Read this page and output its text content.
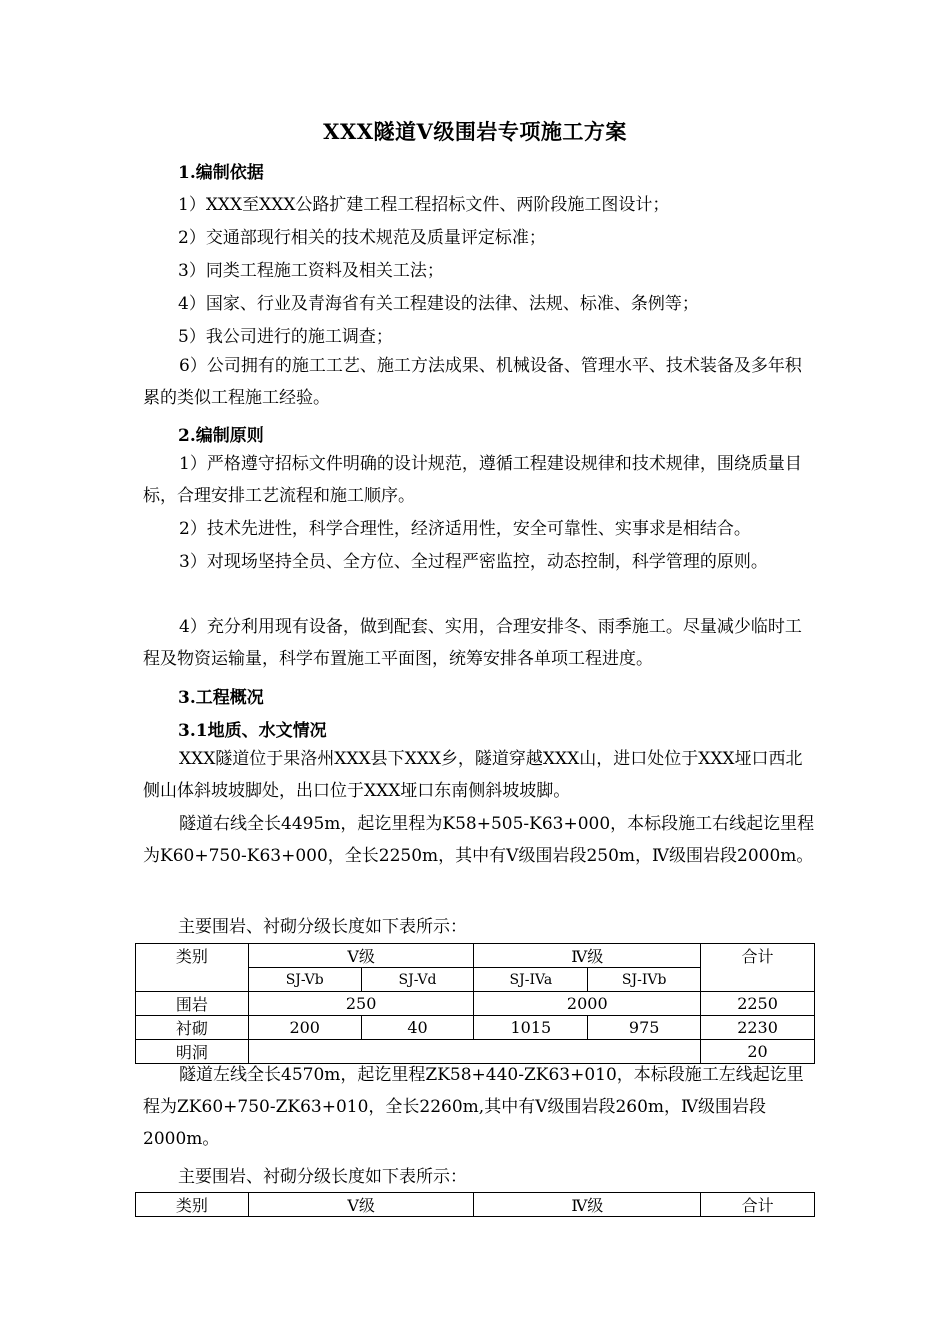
XXX隧道Ⅴ级围岩专项施工方案
1.编制依据
1）XXX至XXX公路扩建工程工程招标文件、两阶段施工图设计；
2）交通部现行相关的技术规范及质量评定标准；
3）同类工程施工资料及相关工法；
4）国家、行业及青海省有关工程建设的法律、法规、标准、条例等；
5）我公司进行的施工调查；
6）公司拥有的施工工艺、施工方法成果、机械设备、管理水平、技术装备及多年积累的类似工程施工经验。
2.编制原则
1）严格遵守招标文件明确的设计规范，遵循工程建设规律和技术规律，围绕质量目标，合理安排工艺流程和施工顺序。
2）技术先进性，科学合理性，经济适用性，安全可靠性、实事求是相结合。
3）对现场坚持全员、全方位、全过程严密监控，动态控制，科学管理的原则。
4）充分利用现有设备，做到配套、实用，合理安排冬、雨季施工。尽量减少临时工程及物资运输量，科学布置施工平面图，统筹安排各单项工程进度。
3.工程概况
3.1地质、水文情况
XXX隧道位于果洛州XXX县下XXX乡，隧道穿越XXX山，进口处位于XXX垭口西北侧山体斜坡坡脚处，出口位于XXX垭口东南侧斜坡坡脚。
隧道右线全长4495m，起讫里程为K58+505-K63+000，本标段施工右线起讫里程为K60+750-K63+000，全长2250m，其中有Ⅴ级围岩段250m，Ⅳ级围岩段2000m。
主要围岩、衬砌分级长度如下表所示：
类别	Ⅴ级		Ⅳ级		合计
	SJ-Vb	SJ-Vd	SJ-IVa	SJ-IVb	
围岩	250		2000		2250
衬砌	200	40	1015	975	2230
明洞					20
隧道左线全长4570m，起讫里程ZK58+440-ZK63+010，本标段施工左线起讫里程为ZK60+750-ZK63+010，全长2260m,其中有Ⅴ级围岩段260m，Ⅳ级围岩段2000m。
主要围岩、衬砌分级长度如下表所示：
类别	Ⅴ级	Ⅳ级	合计
